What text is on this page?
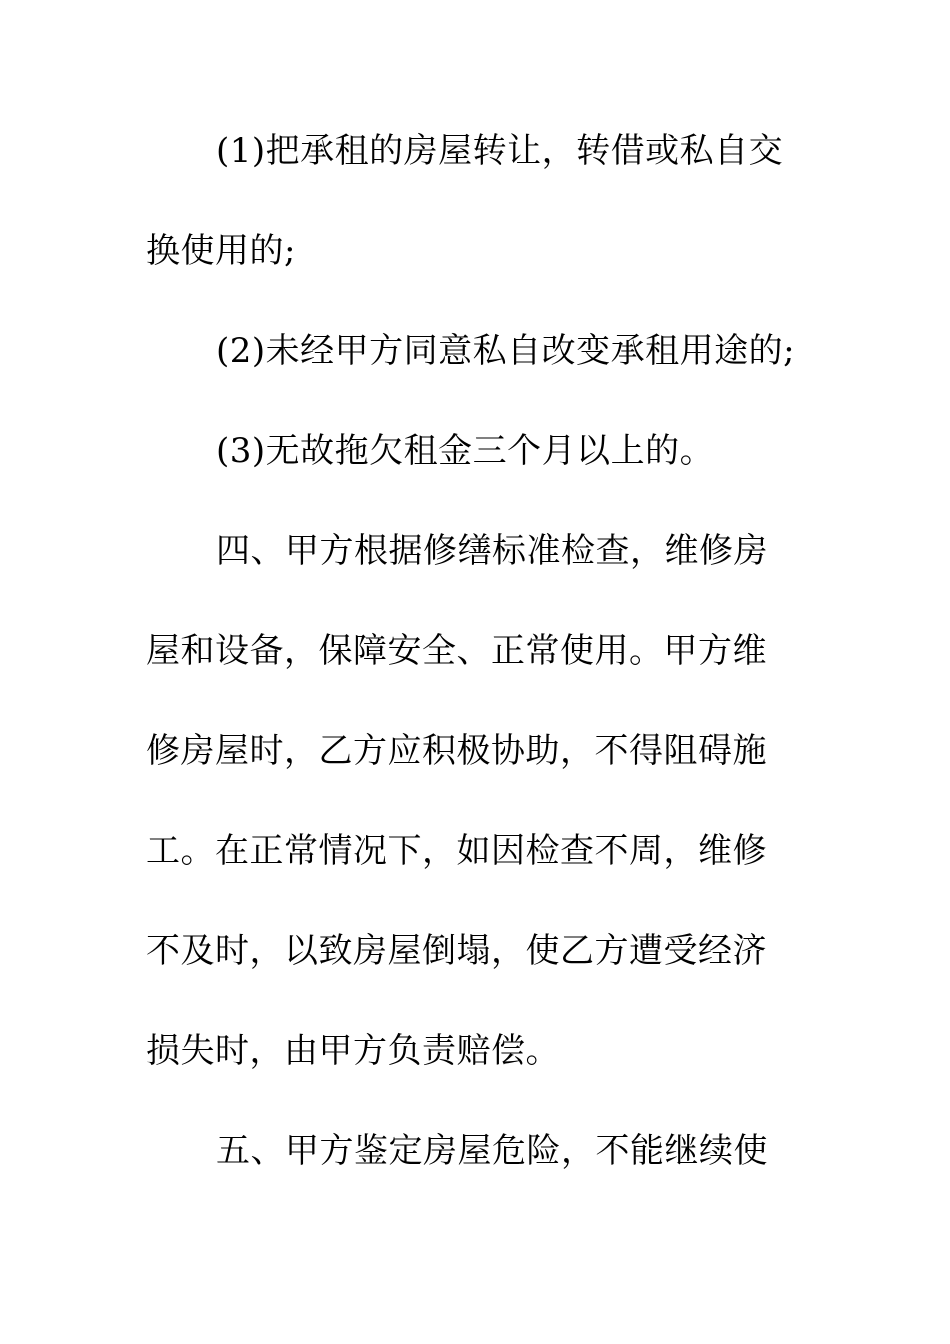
(1)把承租的房屋转让，转借或私自交
换使用的;
(2)未经甲方同意私自改变承租用途的;
(3)无故拖欠租金三个月以上的。
四、甲方根据修缮标准检查，维修房
屋和设备，保障安全、正常使用。甲方维
修房屋时，乙方应积极协助，不得阻碍施
工。在正常情况下，如因检查不周，维修
不及时，以致房屋倒塌，使乙方遭受经济
损失时，由甲方负责赔偿。
五、甲方鉴定房屋危险，不能继续使
